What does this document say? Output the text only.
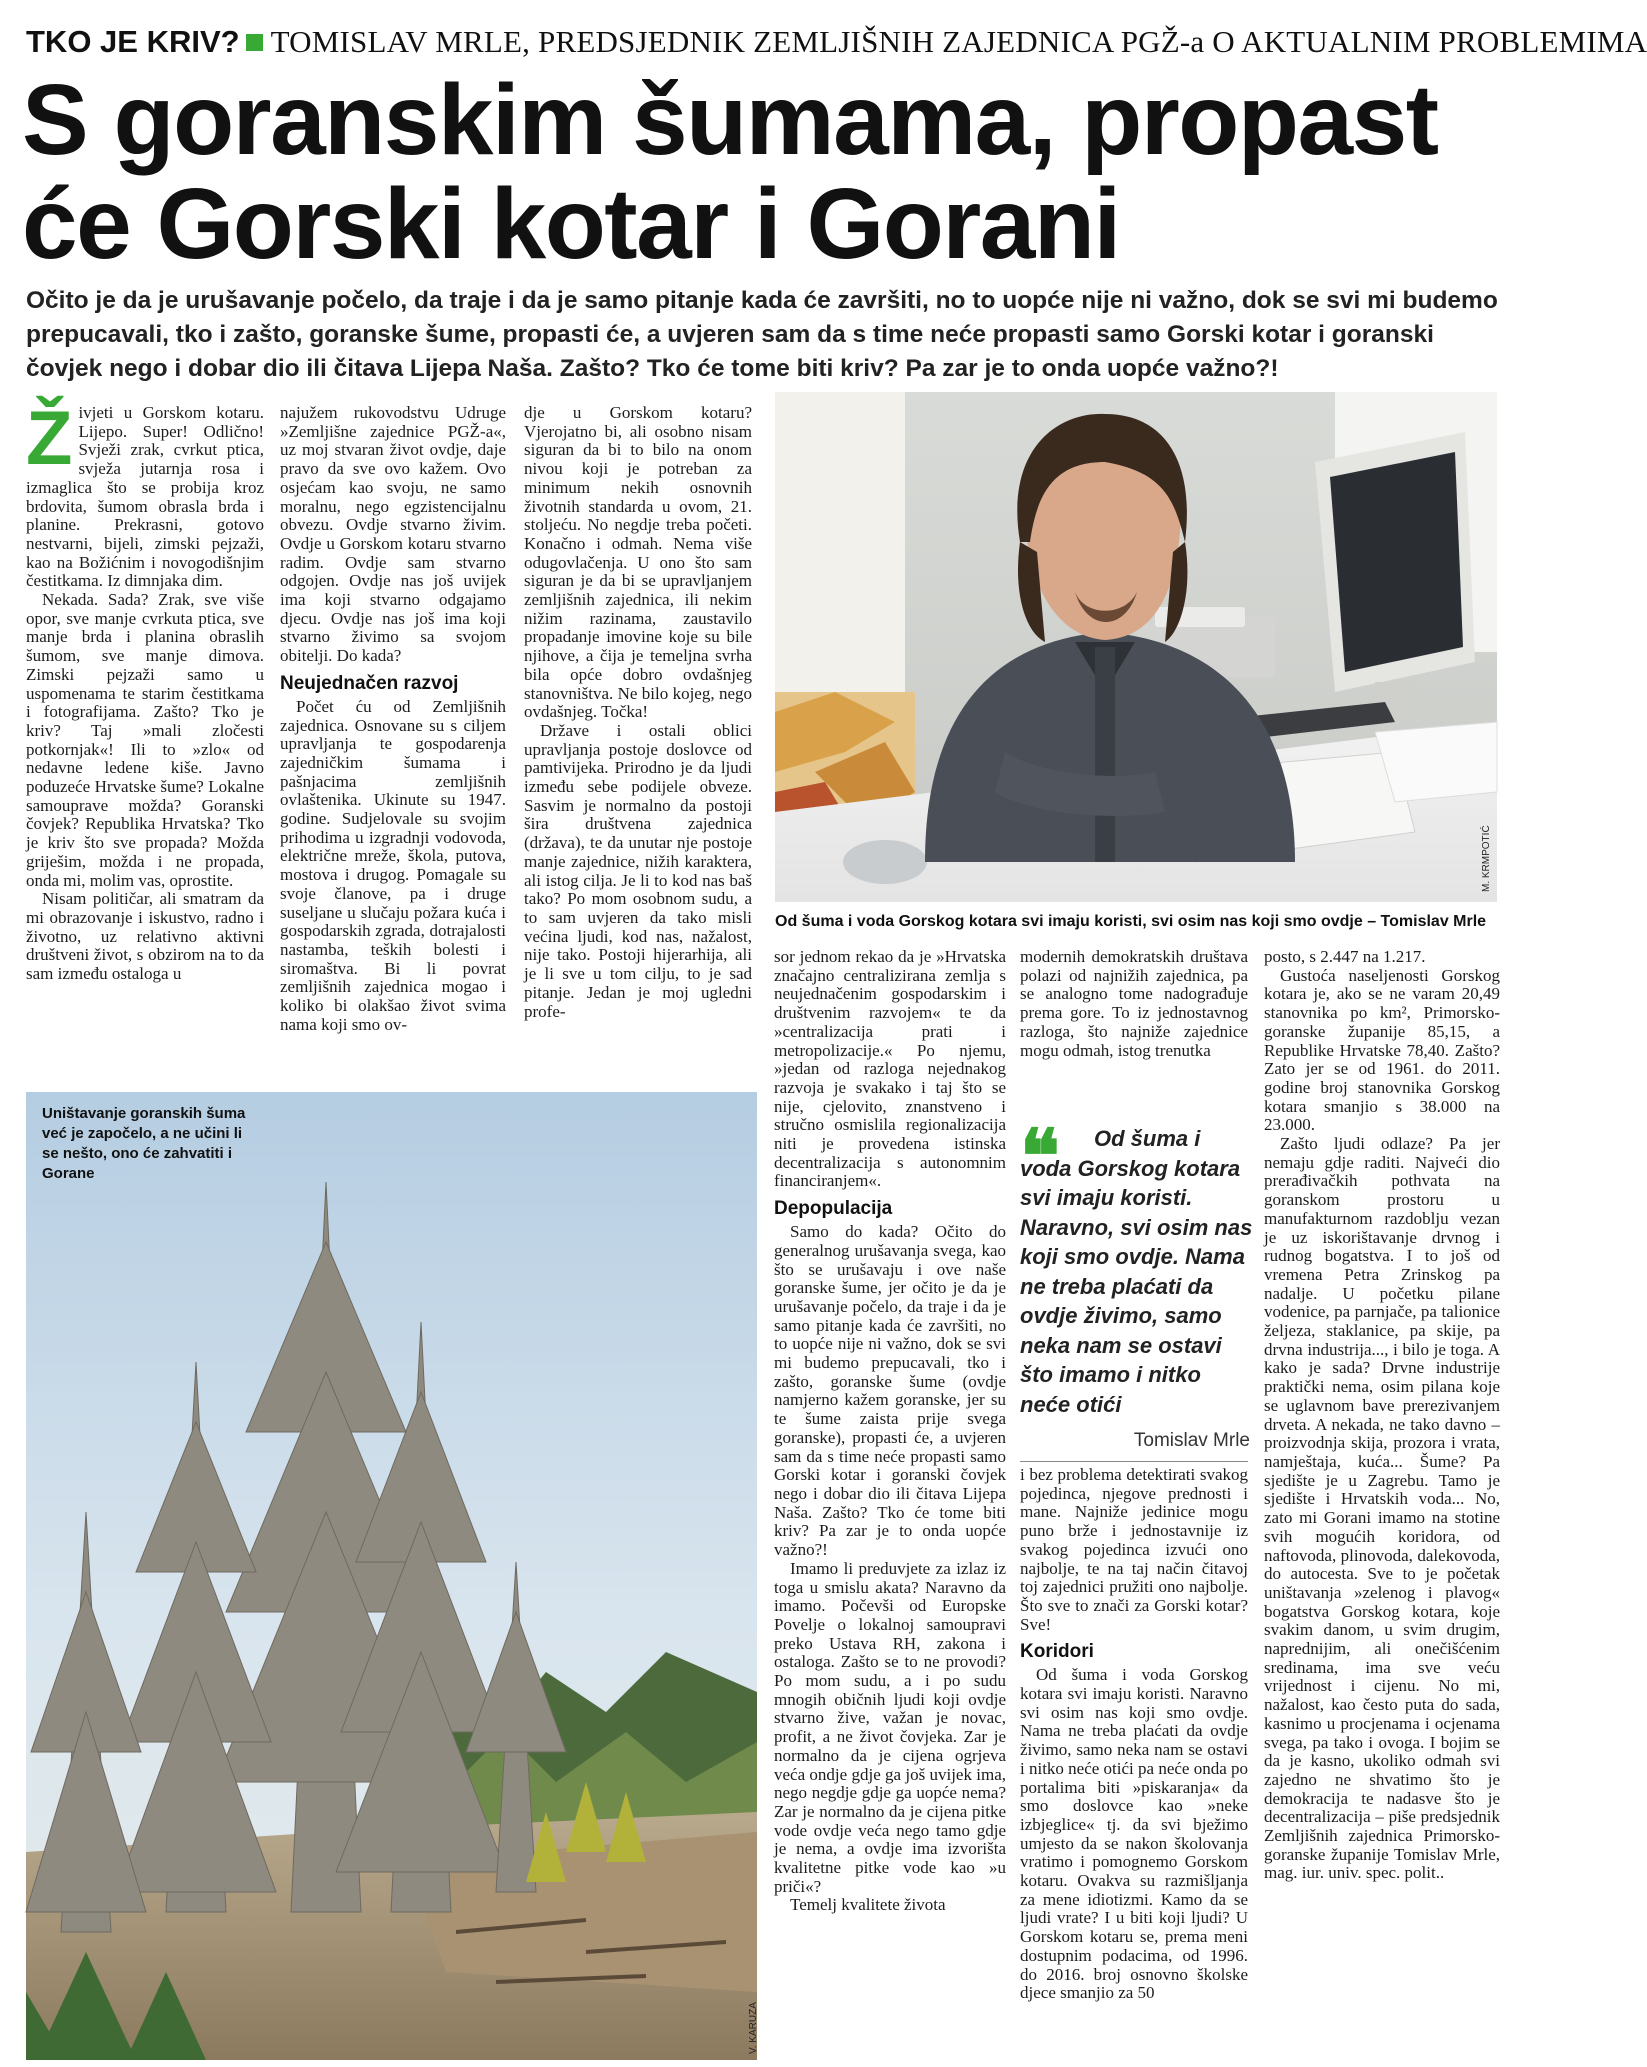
TKO JE KRIV? TOMISLAV MRLE, PREDSJEDNIK ZEMLJIŠNIH ZAJEDNICA PGŽ-a O AKTUALNIM PROBLEMIMA
S goranskim šumama, propast
će Gorski kotar i Gorani

Očito je da je urušavanje počelo, da traje i da je samo pitanje kada će završiti, no to uopće nije ni važno, dok se svi mi budemo prepucavali, tko i zašto, goranske šume, propasti će, a uvjeren sam da s time neće propasti samo Gorski kotar i goranski čovjek nego i dobar dio ili čitava Lijepa Naša. Zašto? Tko će tome biti kriv? Pa zar je to onda uopće važno?!

Ž ivjeti u Gorskom kotaru. Lijepo. Super! Odlično! Svježi zrak, cvrkut ptica, svježa jutarnja rosa i izmaglica što se probija kroz brdovita, šumom obrasla brda i planine. Prekrasni, gotovo nestvarni, bijeli, zimski pejzaži, kao na Božićnim i novogodišnjim čestitkama. Iz dimnjaka dim.

Nekada. Sada? Zrak, sve više opor, sve manje cvrkuta ptica, sve manje brda i planina obraslih šumom, sve manje dimova. Zimski pejzaži samo u uspomenama te starim čestitkama i fotografijama. Zašto? Tko je kriv? Taj »mali zločesti potkornjak«! Ili to »zlo« od nedavne ledene kiše. Javno poduzeće Hrvatske šume? Lokalne samouprave možda? Goranski čovjek? Republika Hrvatska? Tko je kriv što sve propada? Možda griješim, možda i ne propada, onda mi, molim vas, oprostite.

Nisam političar, ali smatram da mi obrazovanje i iskustvo, radno i životno, uz relativno aktivni društveni život, s obzirom na to da sam između ostaloga u

najužem rukovodstvu Udruge »Zemljišne zajednice PGŽ-a«, uz moj stvaran život ovdje, daje pravo da sve ovo kažem. Ovo osjećam kao svoju, ne samo moralnu, nego egzistencijalnu obvezu. Ovdje stvarno živim. Ovdje u Gorskom kotaru stvarno radim. Ovdje sam stvarno odgojen. Ovdje nas još uvijek ima koji stvarno odgajamo djecu. Ovdje nas još ima koji stvarno živimo sa svojom obitelji. Do kada?

Neujednačen razvoj

Počet ću od Zemljišnih zajednica. Osnovane su s ciljem upravljanja te gospodarenja zajedničkim šumama i pašnjacima zemljišnih ovlaštenika. Ukinute su 1947. godine. Sudjelovale su svojim prihodima u izgradnji vodovoda, električne mreže, škola, putova, mostova i drugog. Pomagale su svoje članove, pa i druge suseljane u slučaju požara kuća i gospodarskih zgrada, dotrajalosti nastamba, teških bolesti i siromaštva. Bi li povrat zemljišnih zajednica mogao i koliko bi olakšao život svima nama koji smo ov-

dje u Gorskom kotaru? Vjerojatno bi, ali osobno nisam siguran da bi to bilo na onom nivou koji je potreban za minimum nekih osnovnih životnih standarda u ovom, 21. stoljeću. No negdje treba početi. Konačno i odmah. Nema više odugovlačenja. U ono što sam siguran je da bi se upravljanjem zemljišnih zajednica, ili nekim nižim razinama, zaustavilo propadanje imovine koje su bile njihove, a čija je temeljna svrha bila opće dobro ovdašnjeg stanovništva. Ne bilo kojeg, nego ovdašnjeg. Točka!

Države i ostali oblici upravljanja postoje doslovce od pamtivijeka. Prirodno je da ljudi između sebe podijele obveze. Sasvim je normalno da postoji šira društvena zajednica (država), te da unutar nje postoje manje zajednice, nižih karaktera, ali istog cilja. Je li to kod nas baš tako? Po mom osobnom sudu, a to sam uvjeren da tako misli većina ljudi, kod nas, nažalost, nije tako. Postoji hijerarhija, ali je li sve u tom cilju, to je sad pitanje. Jedan je moj ugledni profe-

M. KRMPOTIĆ
Od šuma i voda Gorskog kotara svi imaju koristi, svi osim nas koji smo ovdje – Tomislav Mrle
V. KARUZA
Uništavanje goranskih šuma već je započelo, a ne učini li se nešto, ono će zahvatiti i Gorane

sor jednom rekao da je »Hrvatska značajno centralizirana zemlja s neujednačenim gospodarskim i društvenim razvojem« te da »centralizacija prati i metropolizacije.« Po njemu, »jedan od razloga nejednakog razvoja je svakako i taj što se nije, cjelovito, znanstveno i stručno osmislila regionalizacija niti je provedena istinska decentralizacija s autonomnim financiranjem«.

Depopulacija

Samo do kada? Očito do generalnog urušavanja svega, kao što se urušavaju i ove naše goranske šume, jer očito je da je urušavanje počelo, da traje i da je samo pitanje kada će završiti, no to uopće nije ni važno, dok se svi mi budemo prepucavali, tko i zašto, goranske šume (ovdje namjerno kažem goranske, jer su te šume zaista prije svega goranske), propasti će, a uvjeren sam da s time neće propasti samo Gorski kotar i goranski čovjek nego i dobar dio ili čitava Lijepa Naša. Zašto? Tko će tome biti kriv? Pa zar je to onda uopće važno?!

Imamo li preduvjete za izlaz iz toga u smislu akata? Naravno da imamo. Počevši od Europske Povelje o lokalnoj samoupravi preko Ustava RH, zakona i ostaloga. Zašto se to ne provodi? Po mom sudu, a i po sudu mnogih običnih ljudi koji ovdje stvarno žive, važan je novac, profit, a ne život čovjeka. Zar je normalno da je cijena ogrjeva veća ondje gdje ga još uvijek ima, nego negdje gdje ga uopće nema? Zar je normalno da je cijena pitke vode ovdje veća nego tamo gdje je nema, a ovdje ima izvorišta kvalitetne pitke vode kao »u priči«?

Temelj kvalitete života

modernih demokratskih društava polazi od najnižih zajednica, pa se analogno tome nadograđuje prema gore. To iz jednostavnog razloga, što najniže zajednice mogu odmah, istog trenutka

❝	Od šuma i voda Gorskog kotara svi imaju koristi. Naravno, svi osim nas koji smo ovdje. Nama ne treba plaćati da ovdje živimo, samo neka nam se ostavi što imamo i nitko neće otići
Tomislav Mrle

i bez problema detektirati svakog pojedinca, njegove prednosti i mane. Najniže jedinice mogu puno brže i jednostavnije iz svakog pojedinca izvući ono najbolje, te na taj način čitavoj toj zajednici pružiti ono najbolje. Što sve to znači za Gorski kotar? Sve!

Koridori

Od šuma i voda Gorskog kotara svi imaju koristi. Naravno svi osim nas koji smo ovdje. Nama ne treba plaćati da ovdje živimo, samo neka nam se ostavi i nitko neće otići pa neće onda po portalima biti »piskaranja« da smo doslovce kao »neke izbjeglice« tj. da svi bježimo umjesto da se nakon školovanja vratimo i pomognemo Gorskom kotaru. Ovakva su razmišljanja za mene idiotizmi. Kamo da se ljudi vrate? I u biti koji ljudi? U Gorskom kotaru se, prema meni dostupnim podacima, od 1996. do 2016. broj osnovno školske djece smanjio za 50

posto, s 2.447 na 1.217.

Gustoća naseljenosti Gorskog kotara je, ako se ne varam 20,49 stanovnika po km², Primorsko-goranske županije 85,15, a Republike Hrvatske 78,40. Zašto? Zato jer se od 1961. do 2011. godine broj stanovnika Gorskog kotara smanjio s 38.000 na 23.000.

Zašto ljudi odlaze? Pa jer nemaju gdje raditi. Najveći dio prerađivačkih pothvata na goranskom prostoru u manufakturnom razdoblju vezan je uz iskorištavanje drvnog i rudnog bogatstva. I to još od vremena Petra Zrinskog pa nadalje. U početku pilane vodenice, pa parnjače, pa talionice željeza, staklanice, pa skije, pa drvna industrija..., i bilo je toga. A kako je sada? Drvne industrije praktički nema, osim pilana koje se uglavnom bave prerezivanjem drveta. A nekada, ne tako davno – proizvodnja skija, prozora i vrata, namještaja, kuća... Šume? Pa sjedište je u Zagrebu. Tamo je sjedište i Hrvatskih voda... No, zato mi Gorani imamo na stotine svih mogućih koridora, od naftovoda, plinovoda, dalekovoda, do autocesta. Sve to je početak uništavanja »zelenog i plavog« bogatstva Gorskog kotara, koje svakim danom, u svim drugim, naprednijim, ali onečišćenim sredinama, ima sve veću vrijednost i cijenu. No mi, nažalost, kao često puta do sada, kasnimo u procjenama i ocjenama svega, pa tako i ovoga. I bojim se da je kasno, ukoliko odmah svi zajedno ne shvatimo što je demokracija te nadasve što je decentralizacija – piše predsjednik Zemljišnih zajednica Primorsko-goranske županije Tomislav Mrle, mag. iur. univ. spec. polit..
